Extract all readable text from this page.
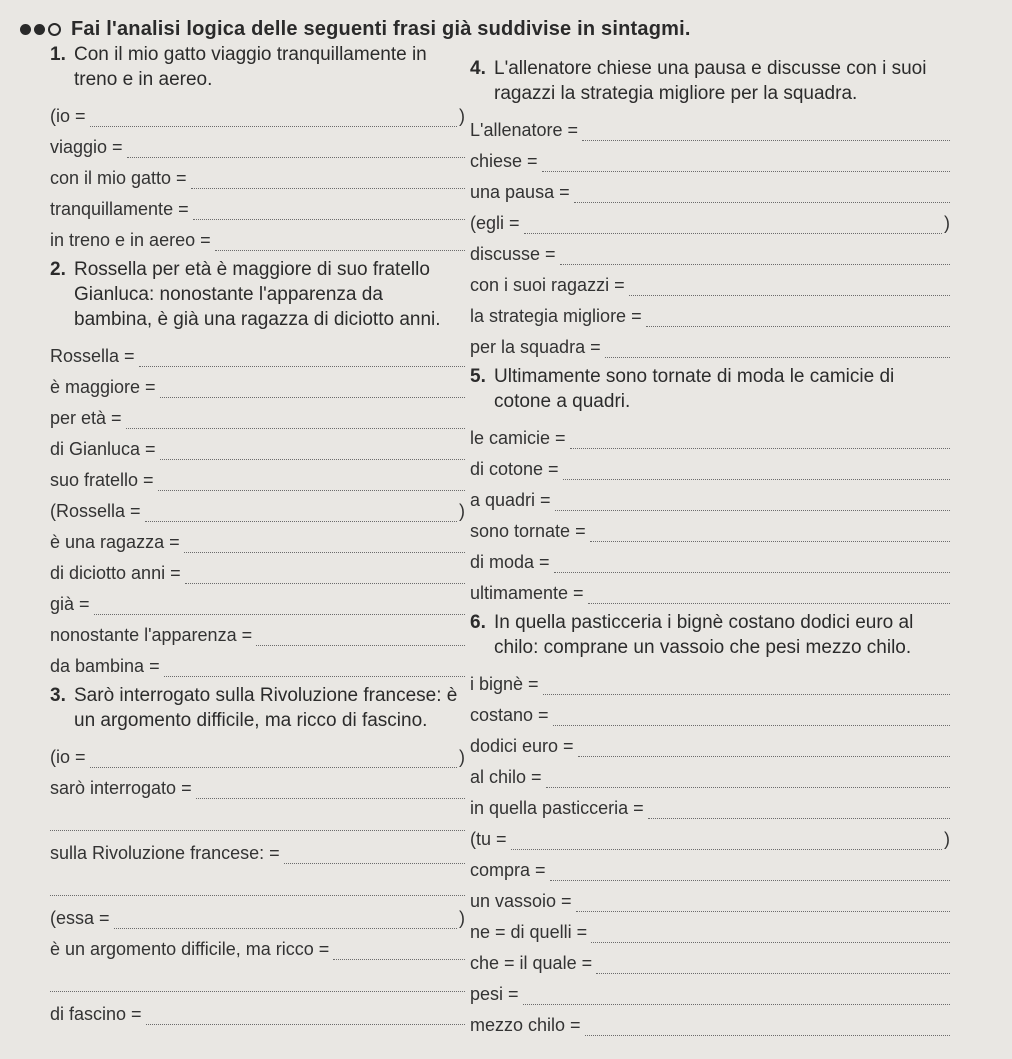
Fai l'analisi logica delle seguenti frasi già suddivise in sintagmi.
1. Con il mio gatto viaggio tranquillamente in treno e in aereo.
(io =	)
viaggio =
con il mio gatto =
tranquillamente =
in treno e in aereo =
2. Rossella per età è maggiore di suo fratello Gianluca: nonostante l'apparenza da bambina, è già una ragazza di diciotto anni.
Rossella =
è maggiore =
per età =
di Gianluca =
suo fratello =
(Rossella =	)
è una ragazza =
di diciotto anni =
già =
nonostante l'apparenza =
da bambina =
3. Sarò interrogato sulla Rivoluzione francese: è un argomento difficile, ma ricco di fascino.
(io =	)
sarò interrogato =
sulla Rivoluzione francese: =
(essa =	)
è un argomento difficile, ma ricco =
di fascino =
4. L'allenatore chiese una pausa e discusse con i suoi ragazzi la strategia migliore per la squadra.
L'allenatore =
chiese =
una pausa =
(egli =	)
discusse =
con i suoi ragazzi =
la strategia migliore =
per la squadra =
5. Ultimamente sono tornate di moda le camicie di cotone a quadri.
le camicie =
di cotone =
a quadri =
sono tornate =
di moda =
ultimamente =
6. In quella pasticceria i bignè costano dodici euro al chilo: comprane un vassoio che pesi mezzo chilo.
i bignè =
costano =
dodici euro =
al chilo =
in quella pasticceria =
(tu =	)
compra =
un vassoio =
ne = di quelli =
che = il quale =
pesi =
mezzo chilo =
